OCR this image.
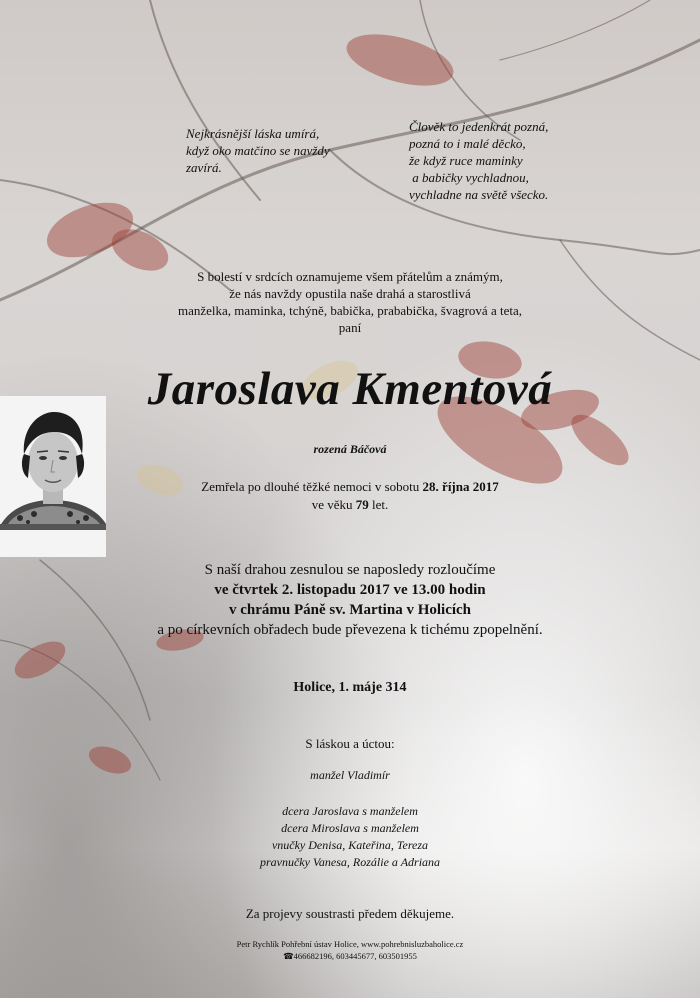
Nejkrásnější láska umírá,
když oko matčino se navždy
zavírá.
Člověk to jedenkrát pozná,
pozná to i malé děcko,
že když ruce maminky
a babičky vychladnou,
vychladne na světě všecko.
S bolestí v srdcích oznamujeme všem přátelům a známým,
že nás navždy opustila naše drahá a starostlivá
manželka, maminka, tchýně, babička, prababička, švagrová a teta,
paní
Jaroslava Kmentová
rozená Báčová
Zemřela po dlouhé těžké nemoci v sobotu 28. října 2017
ve věku 79 let.
S naší drahou zesnulou se naposledy rozloučíme
ve čtvrtek 2. listopadu 2017 ve 13.00 hodin
v chrámu Páně sv. Martina v Holicích
a po církevních obřadech bude převezena k tichému zpopelnění.
Holice, 1. máje 314
S láskou a úctou:
manžel Vladimír
dcera Jaroslava s manželem
dcera Miroslava s manželem
vnučky Denisa, Kateřina, Tereza
pravnučky Vanesa, Rozálie a Adriana
Za projevy soustrasti předem děkujeme.
Petr Rychlík Pohřební ústav Holice, www.pohrebnisluzbaholice.cz
☎466682196, 603445677, 603501955
